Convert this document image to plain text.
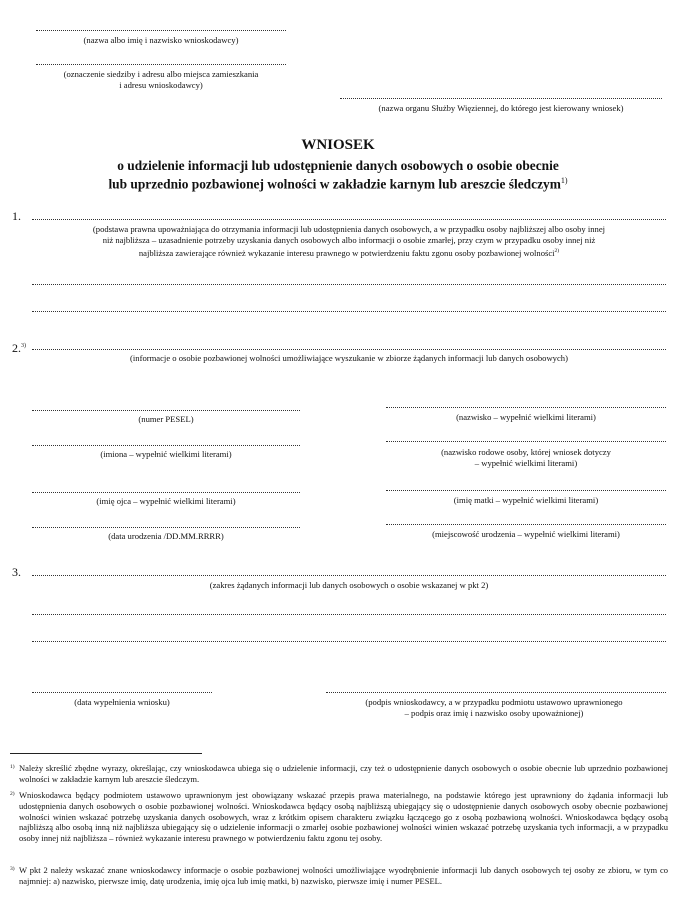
(nazwa albo imię i nazwisko wnioskodawcy)
(oznaczenie siedziby i adresu albo miejsca zamieszkania
i adresu wnioskodawcy)
(nazwa organu Służby Więziennej, do którego jest kierowany wniosek)
WNIOSEK
o udzielenie informacji lub udostępnienie danych osobowych o osobie obecnie
lub uprzednio pozbawionej wolności w zakładzie karnym lub areszcie śledczym$^{1)}$
1.
(podstawa prawna upoważniająca do otrzymania informacji lub udostępnienia danych osobowych, a w przypadku osoby najbliższej albo osoby innej
niż najbliższa – uzasadnienie potrzeby uzyskania danych osobowych albo informacji o osobie zmarłej, przy czym w przypadku osoby innej niż
najbliższa zawierające również wykazanie interesu prawnego w potwierdzeniu faktu zgonu osoby pozbawionej wolności$^{2)}$
2.$^{3)}$
(informacje o osobie pozbawionej wolności umożliwiające wyszukanie w zbiorze żądanych informacji lub danych osobowych)
(numer PESEL)	(nazwisko – wypełnić wielkimi literami)
(imiona – wypełnić wielkimi literami)	(nazwisko rodowe osoby, której wniosek dotyczy
– wypełnić wielkimi literami)
(imię ojca – wypełnić wielkimi literami)	(imię matki – wypełnić wielkimi literami)
(data urodzenia /DD.MM.RRRR)	(miejscowość urodzenia – wypełnić wielkimi literami)
3.
(zakres żądanych informacji lub danych osobowych o osobie wskazanej w pkt 2)
(data wypełnienia wniosku)	(podpis wnioskodawcy, a w przypadku podmiotu ustawowo uprawnionego
– podpis oraz imię i nazwisko osoby upoważnionej)
1) Należy skreślić zbędne wyrazy, określając, czy wnioskodawca ubiega się o udzielenie informacji, czy też o udostępnienie danych osobowych o osobie obecnie lub uprzednio pozbawionej wolności w zakładzie karnym lub areszcie śledczym.
2) Wnioskodawca będący podmiotem ustawowo uprawnionym jest obowiązany wskazać przepis prawa materialnego, na podstawie którego jest uprawniony do żądania informacji lub udostępnienia danych osobowych o osobie pozbawionej wolności. Wnioskodawca będący osobą najbliższą ubiegający się o udostępnienie danych osobowych osoby obecnie pozbawionej wolności winien wskazać potrzebę uzyskania danych osobowych, wraz z krótkim opisem charakteru związku łączącego go z osobą pozbawioną wolności. Wnioskodawca będący osobą najbliższą albo osobą inną niż najbliższa ubiegający się o udzielenie informacji o zmarłej osobie pozbawionej wolności winien wskazać potrzebę uzyskania tych informacji, a w przypadku osoby innej niż najbliższa – również wykazanie interesu prawnego w potwierdzeniu faktu zgonu tej osoby.
3) W pkt 2 należy wskazać znane wnioskodawcy informacje o osobie pozbawionej wolności umożliwiające wyodrębnienie informacji lub danych osobowych tej osoby ze zbioru, w tym co najmniej: a) nazwisko, pierwsze imię, datę urodzenia, imię ojca lub imię matki, b) nazwisko, pierwsze imię i numer PESEL.
